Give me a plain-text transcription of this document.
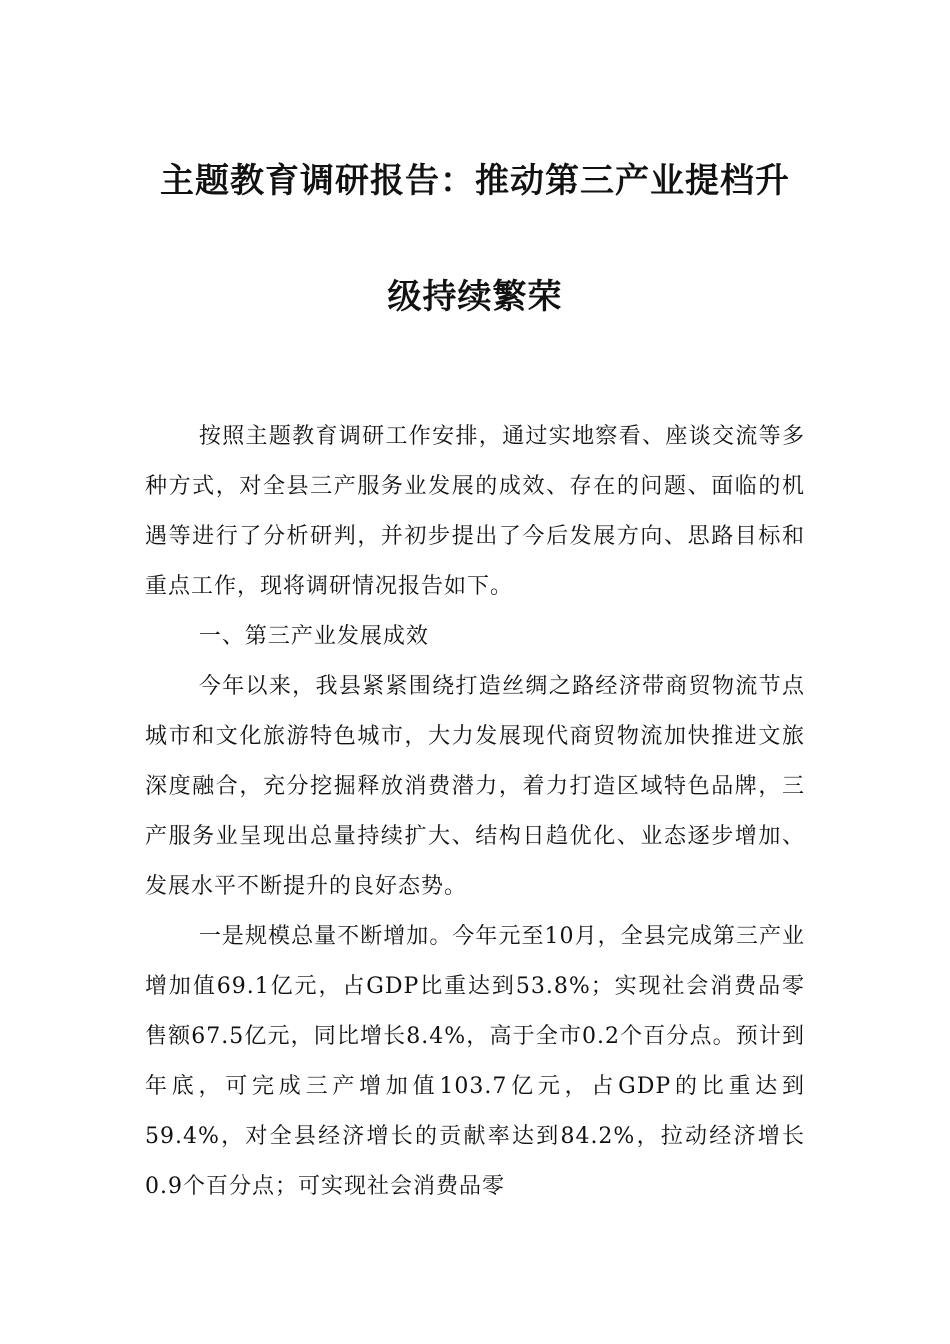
主题教育调研报告：推动第三产业提档升
级持续繁荣

按照主题教育调研工作安排，通过实地察看、座谈交流等多种方式，对全县三产服务业发展的成效、存在的问题、面临的机遇等进行了分析研判，并初步提出了今后发展方向、思路目标和重点工作，现将调研情况报告如下。

一、第三产业发展成效

今年以来，我县紧紧围绕打造丝绸之路经济带商贸物流节点城市和文化旅游特色城市，大力发展现代商贸物流加快推进文旅深度融合，充分挖掘释放消费潜力，着力打造区域特色品牌，三产服务业呈现出总量持续扩大、结构日趋优化、业态逐步增加、发展水平不断提升的良好态势。

一是规模总量不断增加。今年元至10月，全县完成第三产业增加值69.1亿元，占GDP比重达到53.8%；实现社会消费品零售额67.5亿元，同比增长8.4%，高于全市0.2个百分点。预计到年底，可完成三产增加值103.7亿元，占GDP的比重达到59.4%，对全县经济增长的贡献率达到84.2%，拉动经济增长0.9个百分点；可实现社会消费品零
